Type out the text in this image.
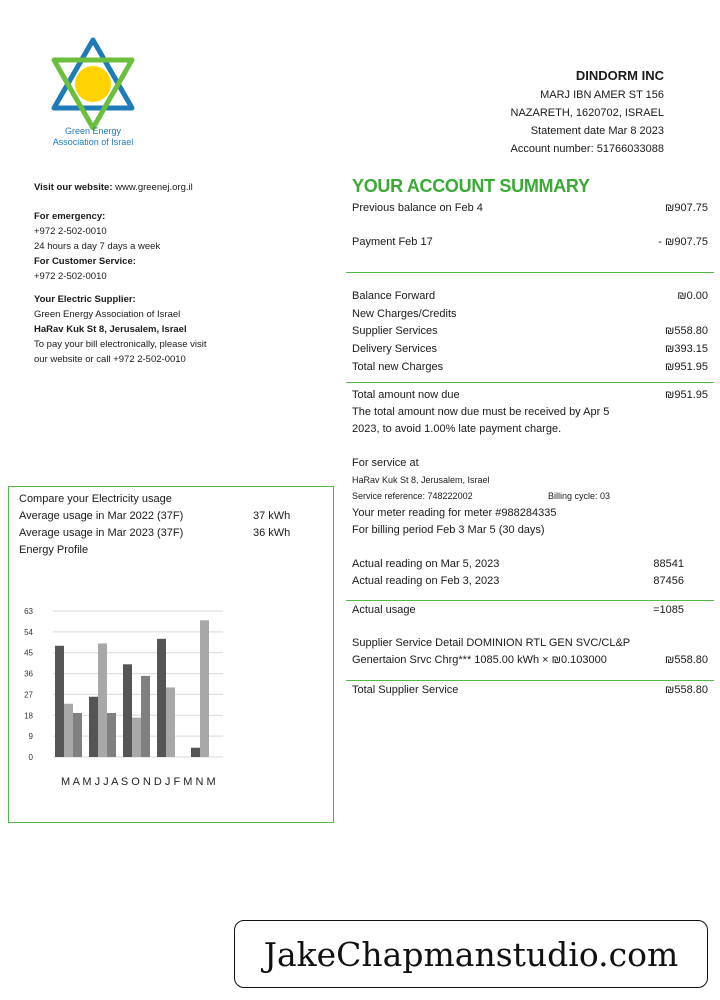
Green Energy
Association of Israel
DINDORM INC
MARJ IBN AMER ST 156
NAZARETH, 1620702, ISRAEL
Statement date Mar 8 2023
Account number: 51766033088
Visit our website: www.greenej.org.il
For emergency:
+972 2-502-0010
24 hours a day 7 days a week
For Customer Service:
+972 2-502-0010
Your Electric Supplier:
Green Energy Association of Israel
HaRav Kuk St 8, Jerusalem, Israel
To pay your bill electronically, please visit
our website or call +972 2-502-0010
YOUR ACCOUNT SUMMARY
Previous balance on Feb 4	₪907.75
Payment Feb 17	- ₪907.75
Balance Forward	₪0.00
New Charges/Credits
Supplier Services	₪558.80
Delivery Services	₪393.15
Total new Charges	₪951.95
Total amount now due	₪951.95
The total amount now due must be received by Apr 5
2023, to avoid 1.00% late payment charge.
For service at
HaRav Kuk St 8, Jerusalem, Israel
Service reference: 748222002	Billing cycle: 03
Your meter reading for meter #988284335
For billing period Feb 3 Mar 5 (30 days)
Actual reading on Mar 5, 2023	88541
Actual reading on Feb 3, 2023	87456
Actual usage	=1085
Supplier Service Detail DOMINION RTL GEN SVC/CL&P
Genertaion Srvc Chrg*** 1085.00 kWh × ₪0.103000	₪558.80
Total Supplier Service	₪558.80
Compare your Electricity usage
Average usage in Mar 2022 (37F)	37 kWh
Average usage in Mar 2023 (37F)	36 kWh
Energy Profile
0
9
18
27
36
45
54
63
M A M J J A S O N D J F M N M
JakeChapmanstudio.com
